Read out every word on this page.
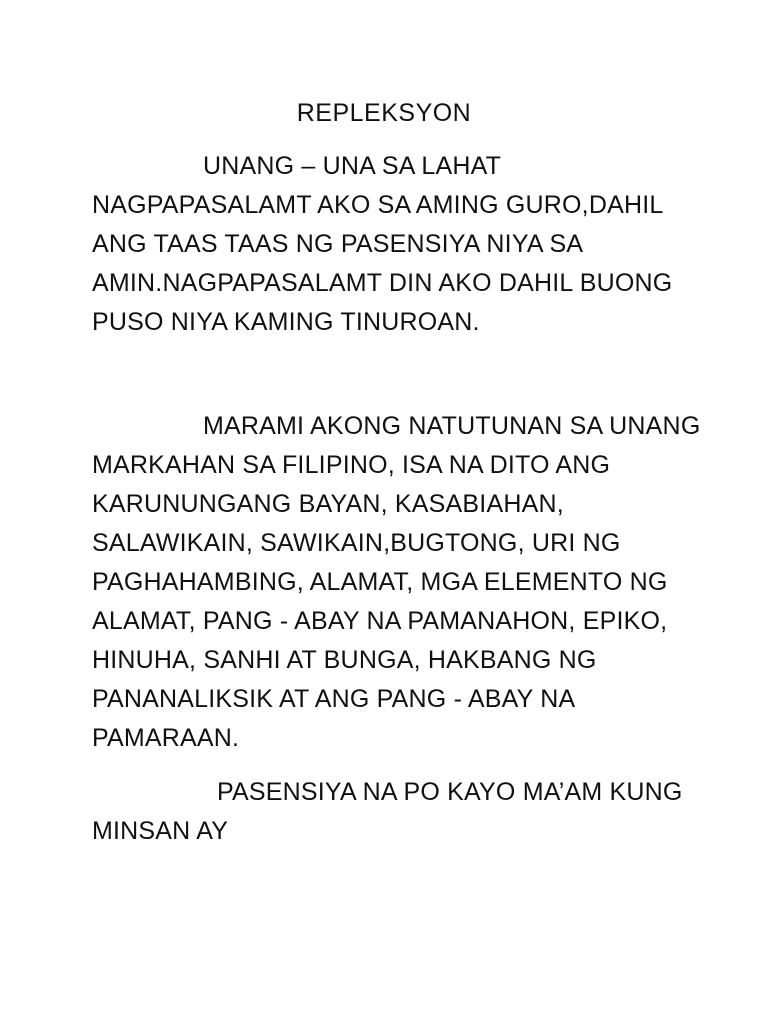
REPLEKSYON
UNANG – UNA SA LAHAT
NAGPAPASALAMT AKO SA AMING GURO,DAHIL
ANG TAAS TAAS NG PASENSIYA NIYA SA
AMIN.NAGPAPASALAMT DIN AKO DAHIL BUONG
PUSO NIYA KAMING TINUROAN.
MARAMI AKONG NATUTUNAN SA UNANG
MARKAHAN SA FILIPINO, ISA NA DITO ANG
KARUNUNGANG BAYAN, KASABIAHAN,
SALAWIKAIN, SAWIKAIN,BUGTONG, URI NG
PAGHAHAMBING, ALAMAT, MGA ELEMENTO NG
ALAMAT, PANG - ABAY NA PAMANAHON, EPIKO,
HINUHA, SANHI AT BUNGA, HAKBANG NG
PANANALIKSIK AT ANG PANG - ABAY NA
PAMARAAN.
PASENSIYA NA PO KAYO MA’AM KUNG
MINSAN AY
